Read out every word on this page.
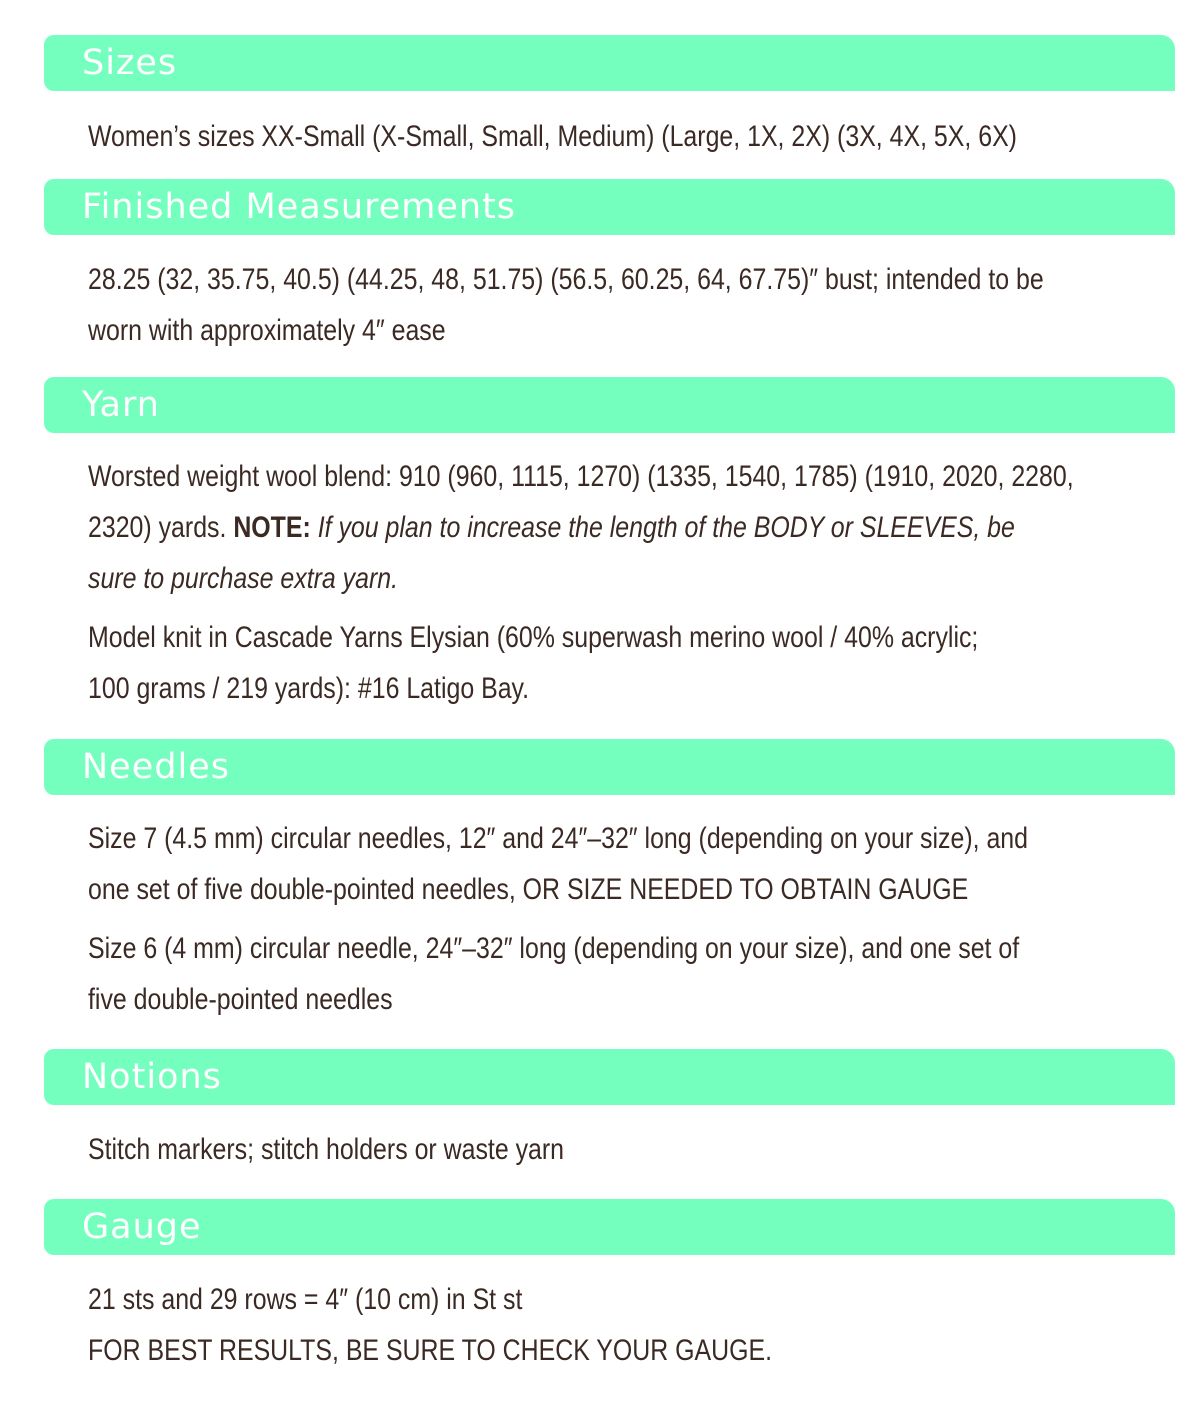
Sizes
Women’s sizes XX-Small (X-Small, Small, Medium) (Large, 1X, 2X) (3X, 4X, 5X, 6X)
Finished Measurements
28.25 (32, 35.75, 40.5) (44.25, 48, 51.75) (56.5, 60.25, 64, 67.75)″ bust; intended to be
worn with approximately 4″ ease
Yarn
Worsted weight wool blend: 910 (960, 1115, 1270) (1335, 1540, 1785) (1910, 2020, 2280,
2320) yards. NOTE: If you plan to increase the length of the BODY or SLEEVES, be
sure to purchase extra yarn.
Model knit in Cascade Yarns Elysian (60% superwash merino wool / 40% acrylic;
100 grams / 219 yards): #16 Latigo Bay.
Needles
Size 7 (4.5 mm) circular needles, 12″ and 24″–32″ long (depending on your size), and
one set of five double-pointed needles, OR SIZE NEEDED TO OBTAIN GAUGE
Size 6 (4 mm) circular needle, 24″–32″ long (depending on your size), and one set of
five double-pointed needles
Notions
Stitch markers; stitch holders or waste yarn
Gauge
21 sts and 29 rows = 4″ (10 cm) in St st
FOR BEST RESULTS, BE SURE TO CHECK YOUR GAUGE.
